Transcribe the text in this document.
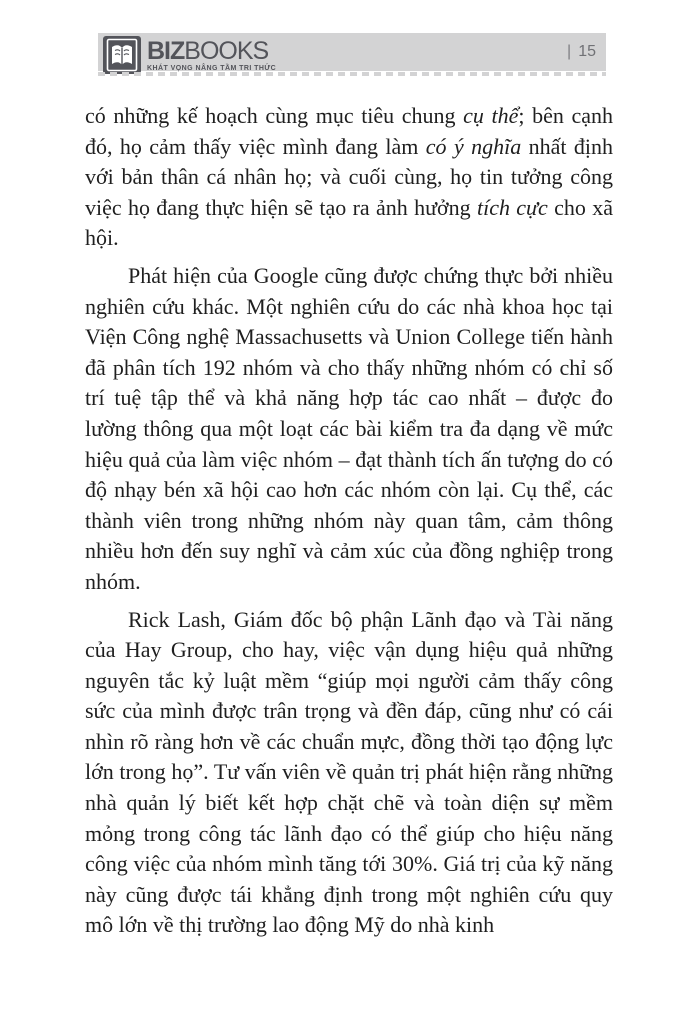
BIZBOOKS
KHÁT VỌNG NÂNG TẦM TRI THỨC
| 15

có những kế hoạch cùng mục tiêu chung cụ thể; bên cạnh đó, họ cảm thấy việc mình đang làm có ý nghĩa nhất định với bản thân cá nhân họ; và cuối cùng, họ tin tưởng công việc họ đang thực hiện sẽ tạo ra ảnh hưởng tích cực cho xã hội.

Phát hiện của Google cũng được chứng thực bởi nhiều nghiên cứu khác. Một nghiên cứu do các nhà khoa học tại Viện Công nghệ Massachusetts và Union College tiến hành đã phân tích 192 nhóm và cho thấy những nhóm có chỉ số trí tuệ tập thể và khả năng hợp tác cao nhất – được đo lường thông qua một loạt các bài kiểm tra đa dạng về mức hiệu quả của làm việc nhóm – đạt thành tích ấn tượng do có độ nhạy bén xã hội cao hơn các nhóm còn lại. Cụ thể, các thành viên trong những nhóm này quan tâm, cảm thông nhiều hơn đến suy nghĩ và cảm xúc của đồng nghiệp trong nhóm.

Rick Lash, Giám đốc bộ phận Lãnh đạo và Tài năng của Hay Group, cho hay, việc vận dụng hiệu quả những nguyên tắc kỷ luật mềm “giúp mọi người cảm thấy công sức của mình được trân trọng và đền đáp, cũng như có cái nhìn rõ ràng hơn về các chuẩn mực, đồng thời tạo động lực lớn trong họ”. Tư vấn viên về quản trị phát hiện rằng những nhà quản lý biết kết hợp chặt chẽ và toàn diện sự mềm mỏng trong công tác lãnh đạo có thể giúp cho hiệu năng công việc của nhóm mình tăng tới 30%. Giá trị của kỹ năng này cũng được tái khẳng định trong một nghiên cứu quy mô lớn về thị trường lao động Mỹ do nhà kinh
